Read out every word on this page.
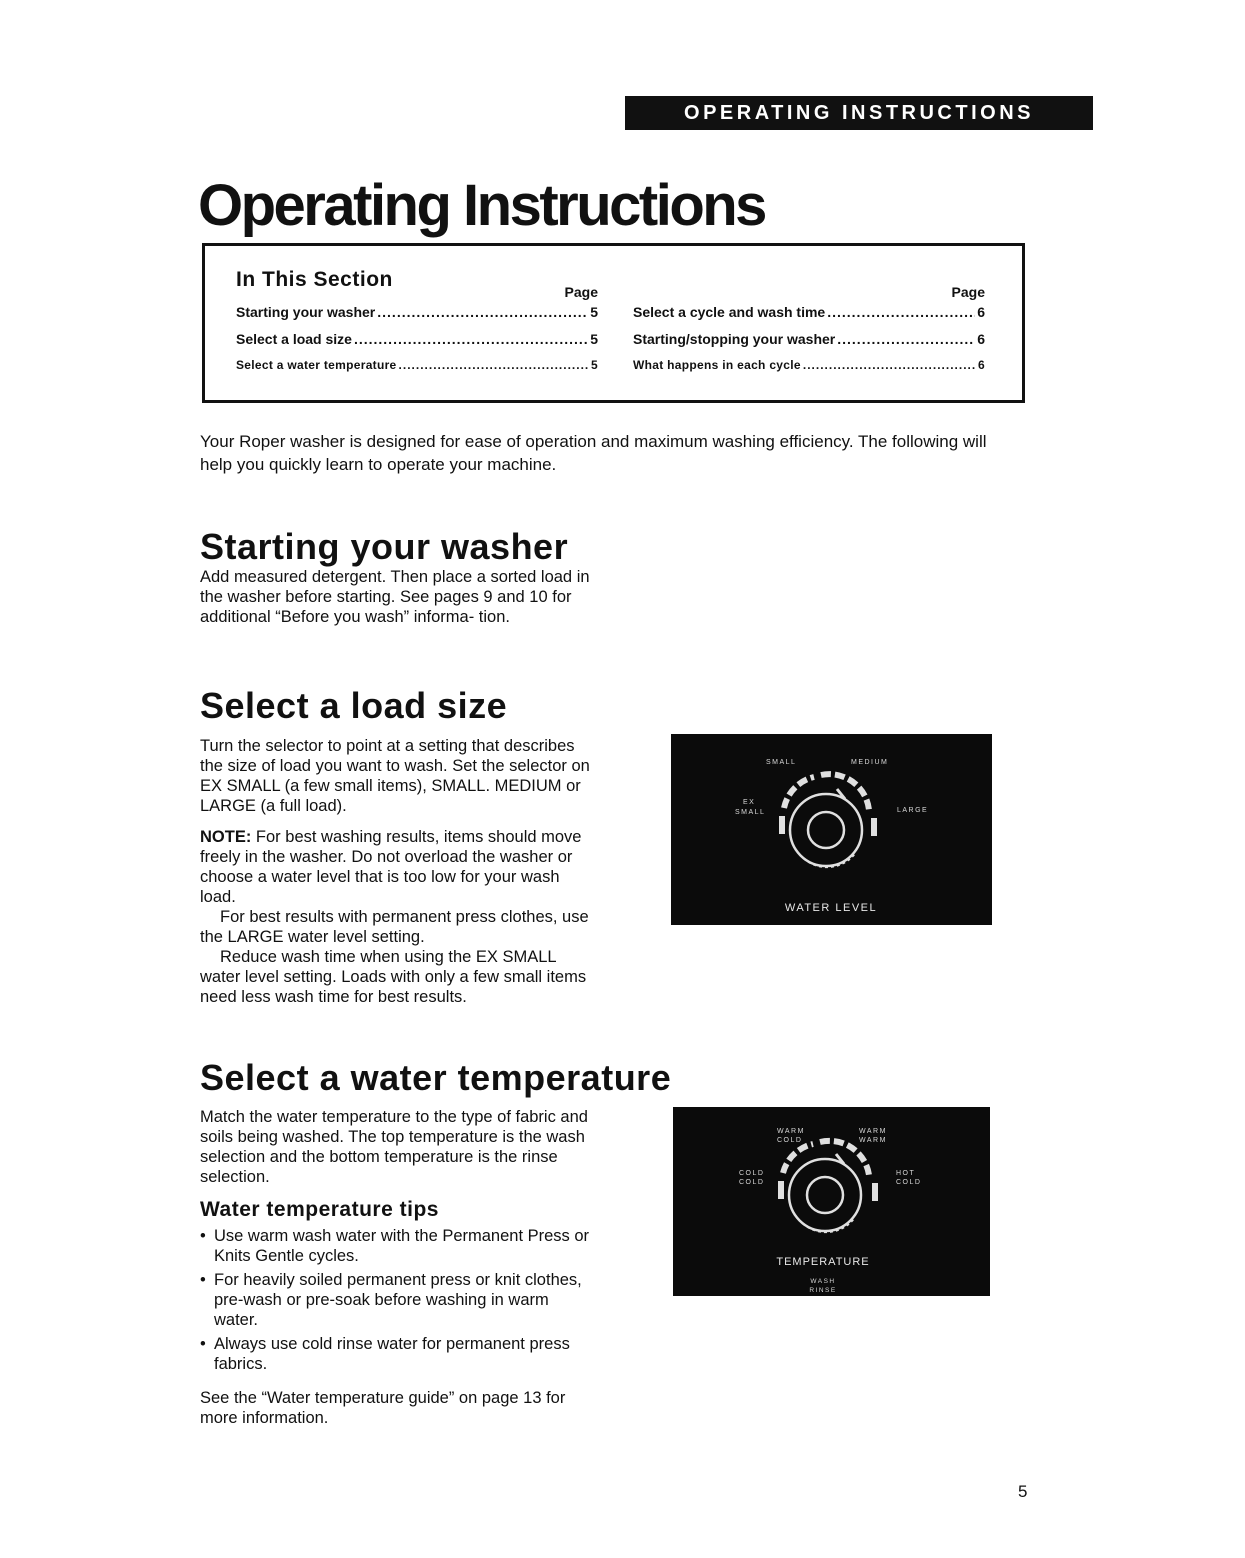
OPERATING INSTRUCTIONS
Operating Instructions
In This Section
Page
Starting your washer .....	5
Select a load size .....	5
Select a water temperature .....	5
Page
Select a cycle and wash time .....	6
Starting/stopping your washer .....	6
What happens in each cycle .....	6

Your Roper washer is designed for ease of operation and maximum washing efficiency. The following will help you quickly learn to operate your machine.

Starting your washer

Add measured detergent. Then place a sorted load in the washer before starting. See pages 9 and 10 for additional “Before you wash” informa- tion.

Select a load size

Turn the selector to point at a setting that describes the size of load you want to wash. Set the selector on EX SMALL (a few small items), SMALL. MEDIUM or LARGE (a full load).

NOTE: For best washing results, items should move freely in the washer. Do not overload the washer or choose a water level that is too low for your wash load.

For best results with permanent press clothes, use the LARGE water level setting.

Reduce wash time when using the EX SMALL water level setting. Loads with only a few small items need less wash time for best results.

SMALL	MEDIUM
EX
SMALL	LARGE
WATER LEVEL
Select a water temperature

Match the water temperature to the type of fabric and soils being washed. The top temperature is the wash selection and the bottom temperature is the rinse selection.

Water temperature tips
• Use warm wash water with the Permanent Press or Knits Gentle cycles.
• For heavily soiled permanent press or knit clothes, pre-wash or pre-soak before washing in warm water.
• Always use cold rinse water for permanent press fabrics.

See the “Water temperature guide” on page 13 for more information.

WARM
COLD
WARM
WARM
COLD
COLD
HOT
COLD
TEMPERATURE
WASH
RINSE
5
